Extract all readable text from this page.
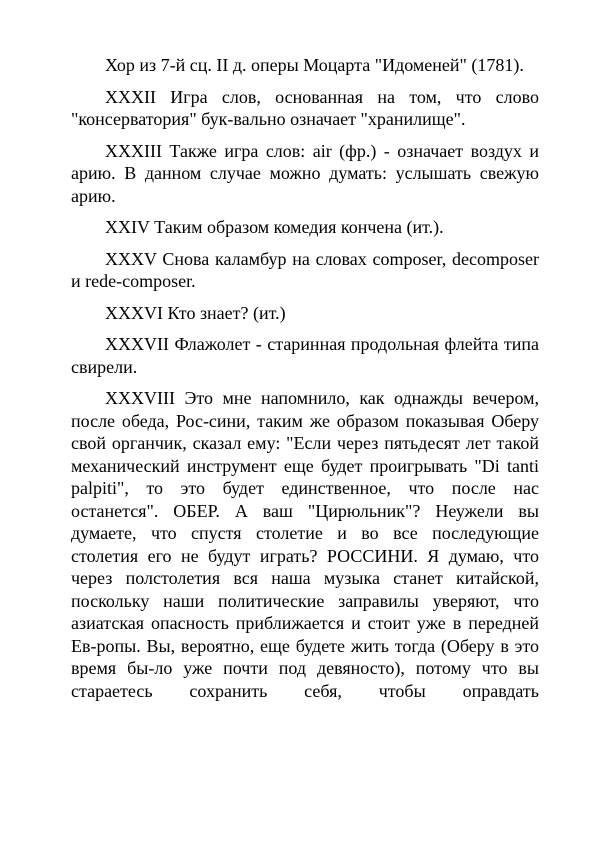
Хор из 7-й сц. II д. оперы Моцарта "Идоменей" (1781).

XXXII Игра слов, основанная на том, что слово "консерватория" бук-вально означает "хранилище".

XXXIII Также игра слов: air (фр.) - означает воздух и арию. В данном случае можно думать: услышать свежую арию.

XXIV Таким образом комедия кончена (ит.).

XXXV Снова каламбур на словах composer, decomposer и rede-composer.

XXXVI Кто знает? (ит.)

XXXVII Флажолет - старинная продольная флейта типа свирели.

XXXVIII Это мне напомнило, как однажды вечером, после обеда, Рос-сини, таким же образом показывая Оберу свой органчик, сказал ему: "Если через пятьдесят лет такой механический инструмент еще будет проигрывать "Di tanti palpiti", то это будет единственное, что после нас останется". ОБЕР. А ваш "Цирюльник"? Неужели вы думаете, что спустя столетие и во все последующие столетия его не будут играть? РОССИНИ. Я думаю, что через полстолетия вся наша музыка станет китайской, поскольку наши политические заправилы уверяют, что азиатская опасность приближается и стоит уже в передней Ев-ропы. Вы, вероятно, еще будете жить тогда (Оберу в это время бы-ло уже почти под девяносто), потому что вы стараетесь сохранить себя, чтобы оправдать
